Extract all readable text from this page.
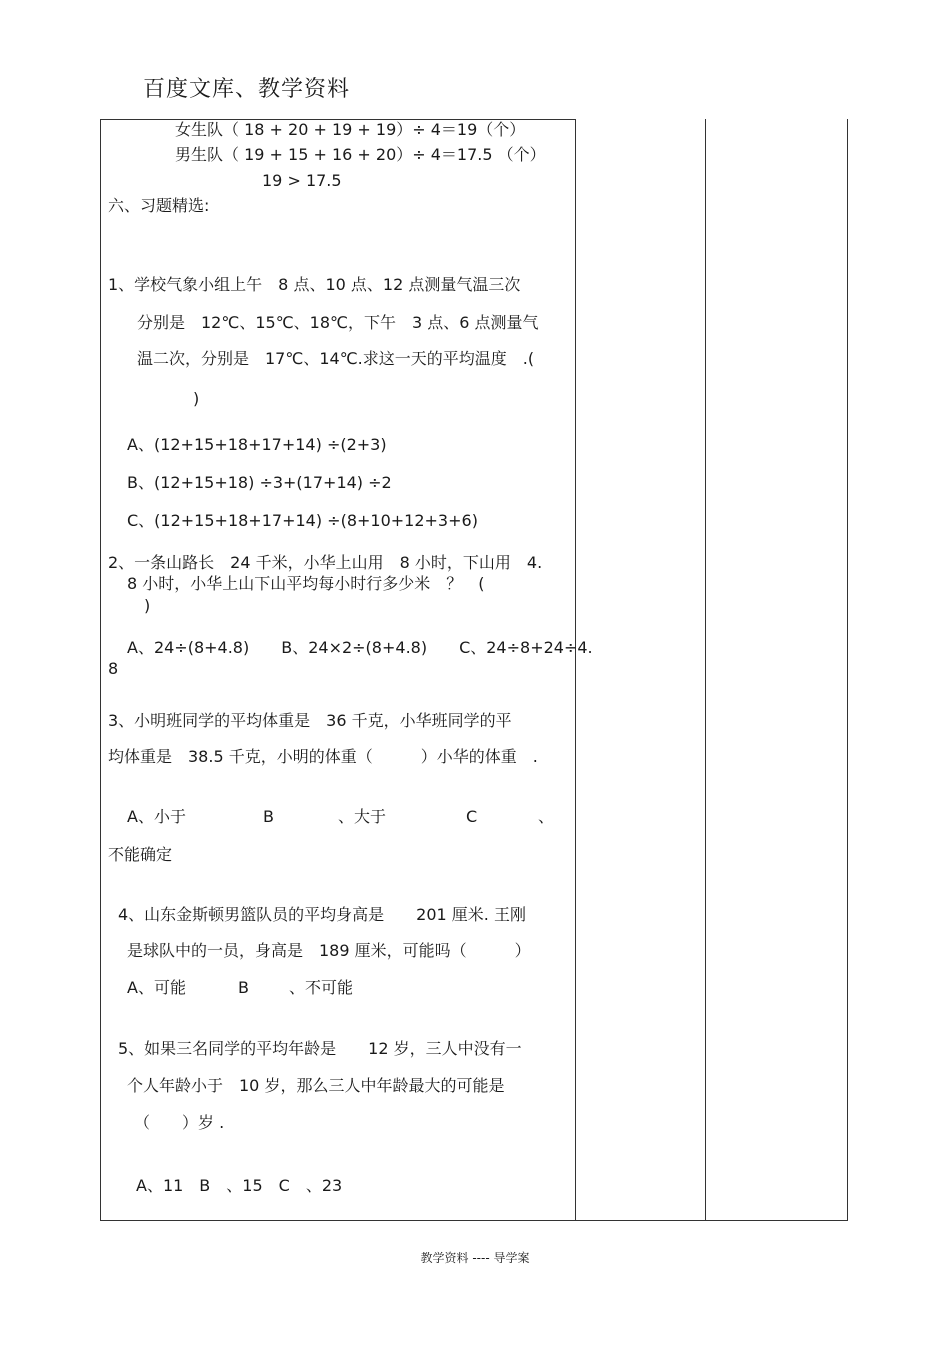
百度文库、教学资料
女生队（ 18 + 20 + 19 + 19）÷ 4＝19（个）
男生队（ 19 + 15 + 16 + 20）÷ 4＝17.5 （个）
19 > 17.5
六、习题精选:
1、学校气象小组上午　8 点、10 点、12 点测量气温三次
分别是　12℃、15℃、18℃，下午　3 点、6 点测量气
温二次，分别是　17℃、14℃.求这一天的平均温度　.(
)
A、(12+15+18+17+14) ÷(2+3)
B、(12+15+18) ÷3+(17+14) ÷2
C、(12+15+18+17+14) ÷(8+10+12+3+6)
2、一条山路长　24 千米，小华上山用　8 小时，下山用　4.
8 小时，小华上山下山平均每小时行多少米　？　(
)
A、24÷(8+4.8)　　B、24×2÷(8+4.8)　　C、24÷8+24÷4.
8
3、小明班同学的平均体重是　36 千克，小华班同学的平
均体重是　38.5 千克，小明的体重（　　　）小华的体重　.
A、小于	B	、大于	C	、
不能确定
4、山东金斯顿男篮队员的平均身高是　　201 厘米. 王刚
是球队中的一员，身高是　189 厘米，可能吗（　　　）
A、可能	B	、不可能
5、如果三名同学的平均年龄是　　12 岁，三人中没有一
个人年龄小于　10 岁，那么三人中年龄最大的可能是
（　　）岁 .
A、11　B　、15　C　、23
教学资料 ---- 导学案
